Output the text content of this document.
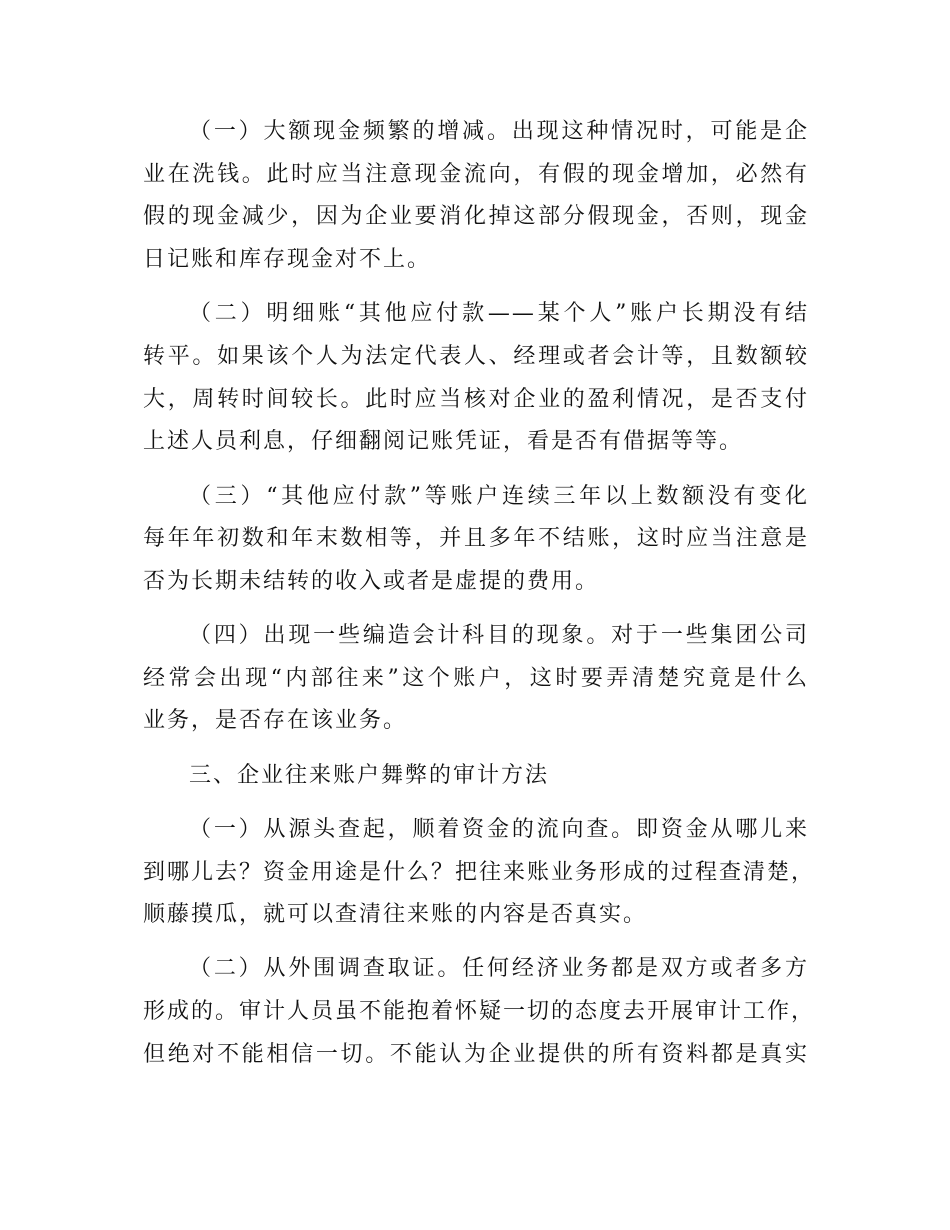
（一）大额现金频繁的增减。出现这种情况时，可能是企
业在洗钱。此时应当注意现金流向，有假的现金增加，必然有
假的现金减少，因为企业要消化掉这部分假现金，否则，现金
日记账和库存现金对不上。
（二）明细账“其他应付款——某个人”账户长期没有结
转平。如果该个人为法定代表人、经理或者会计等，且数额较
大，周转时间较长。此时应当核对企业的盈利情况，是否支付
上述人员利息，仔细翻阅记账凭证，看是否有借据等等。
（三）“其他应付款”等账户连续三年以上数额没有变化
每年年初数和年末数相等，并且多年不结账，这时应当注意是
否为长期未结转的收入或者是虚提的费用。
（四）出现一些编造会计科目的现象。对于一些集团公司
经常会出现“内部往来”这个账户，这时要弄清楚究竟是什么
业务，是否存在该业务。
三、企业往来账户舞弊的审计方法
（一）从源头查起，顺着资金的流向查。即资金从哪儿来
到哪儿去？资金用途是什么？把往来账业务形成的过程查清楚，
顺藤摸瓜，就可以查清往来账的内容是否真实。
（二）从外围调查取证。任何经济业务都是双方或者多方
形成的。审计人员虽不能抱着怀疑一切的态度去开展审计工作，
但绝对不能相信一切。不能认为企业提供的所有资料都是真实
